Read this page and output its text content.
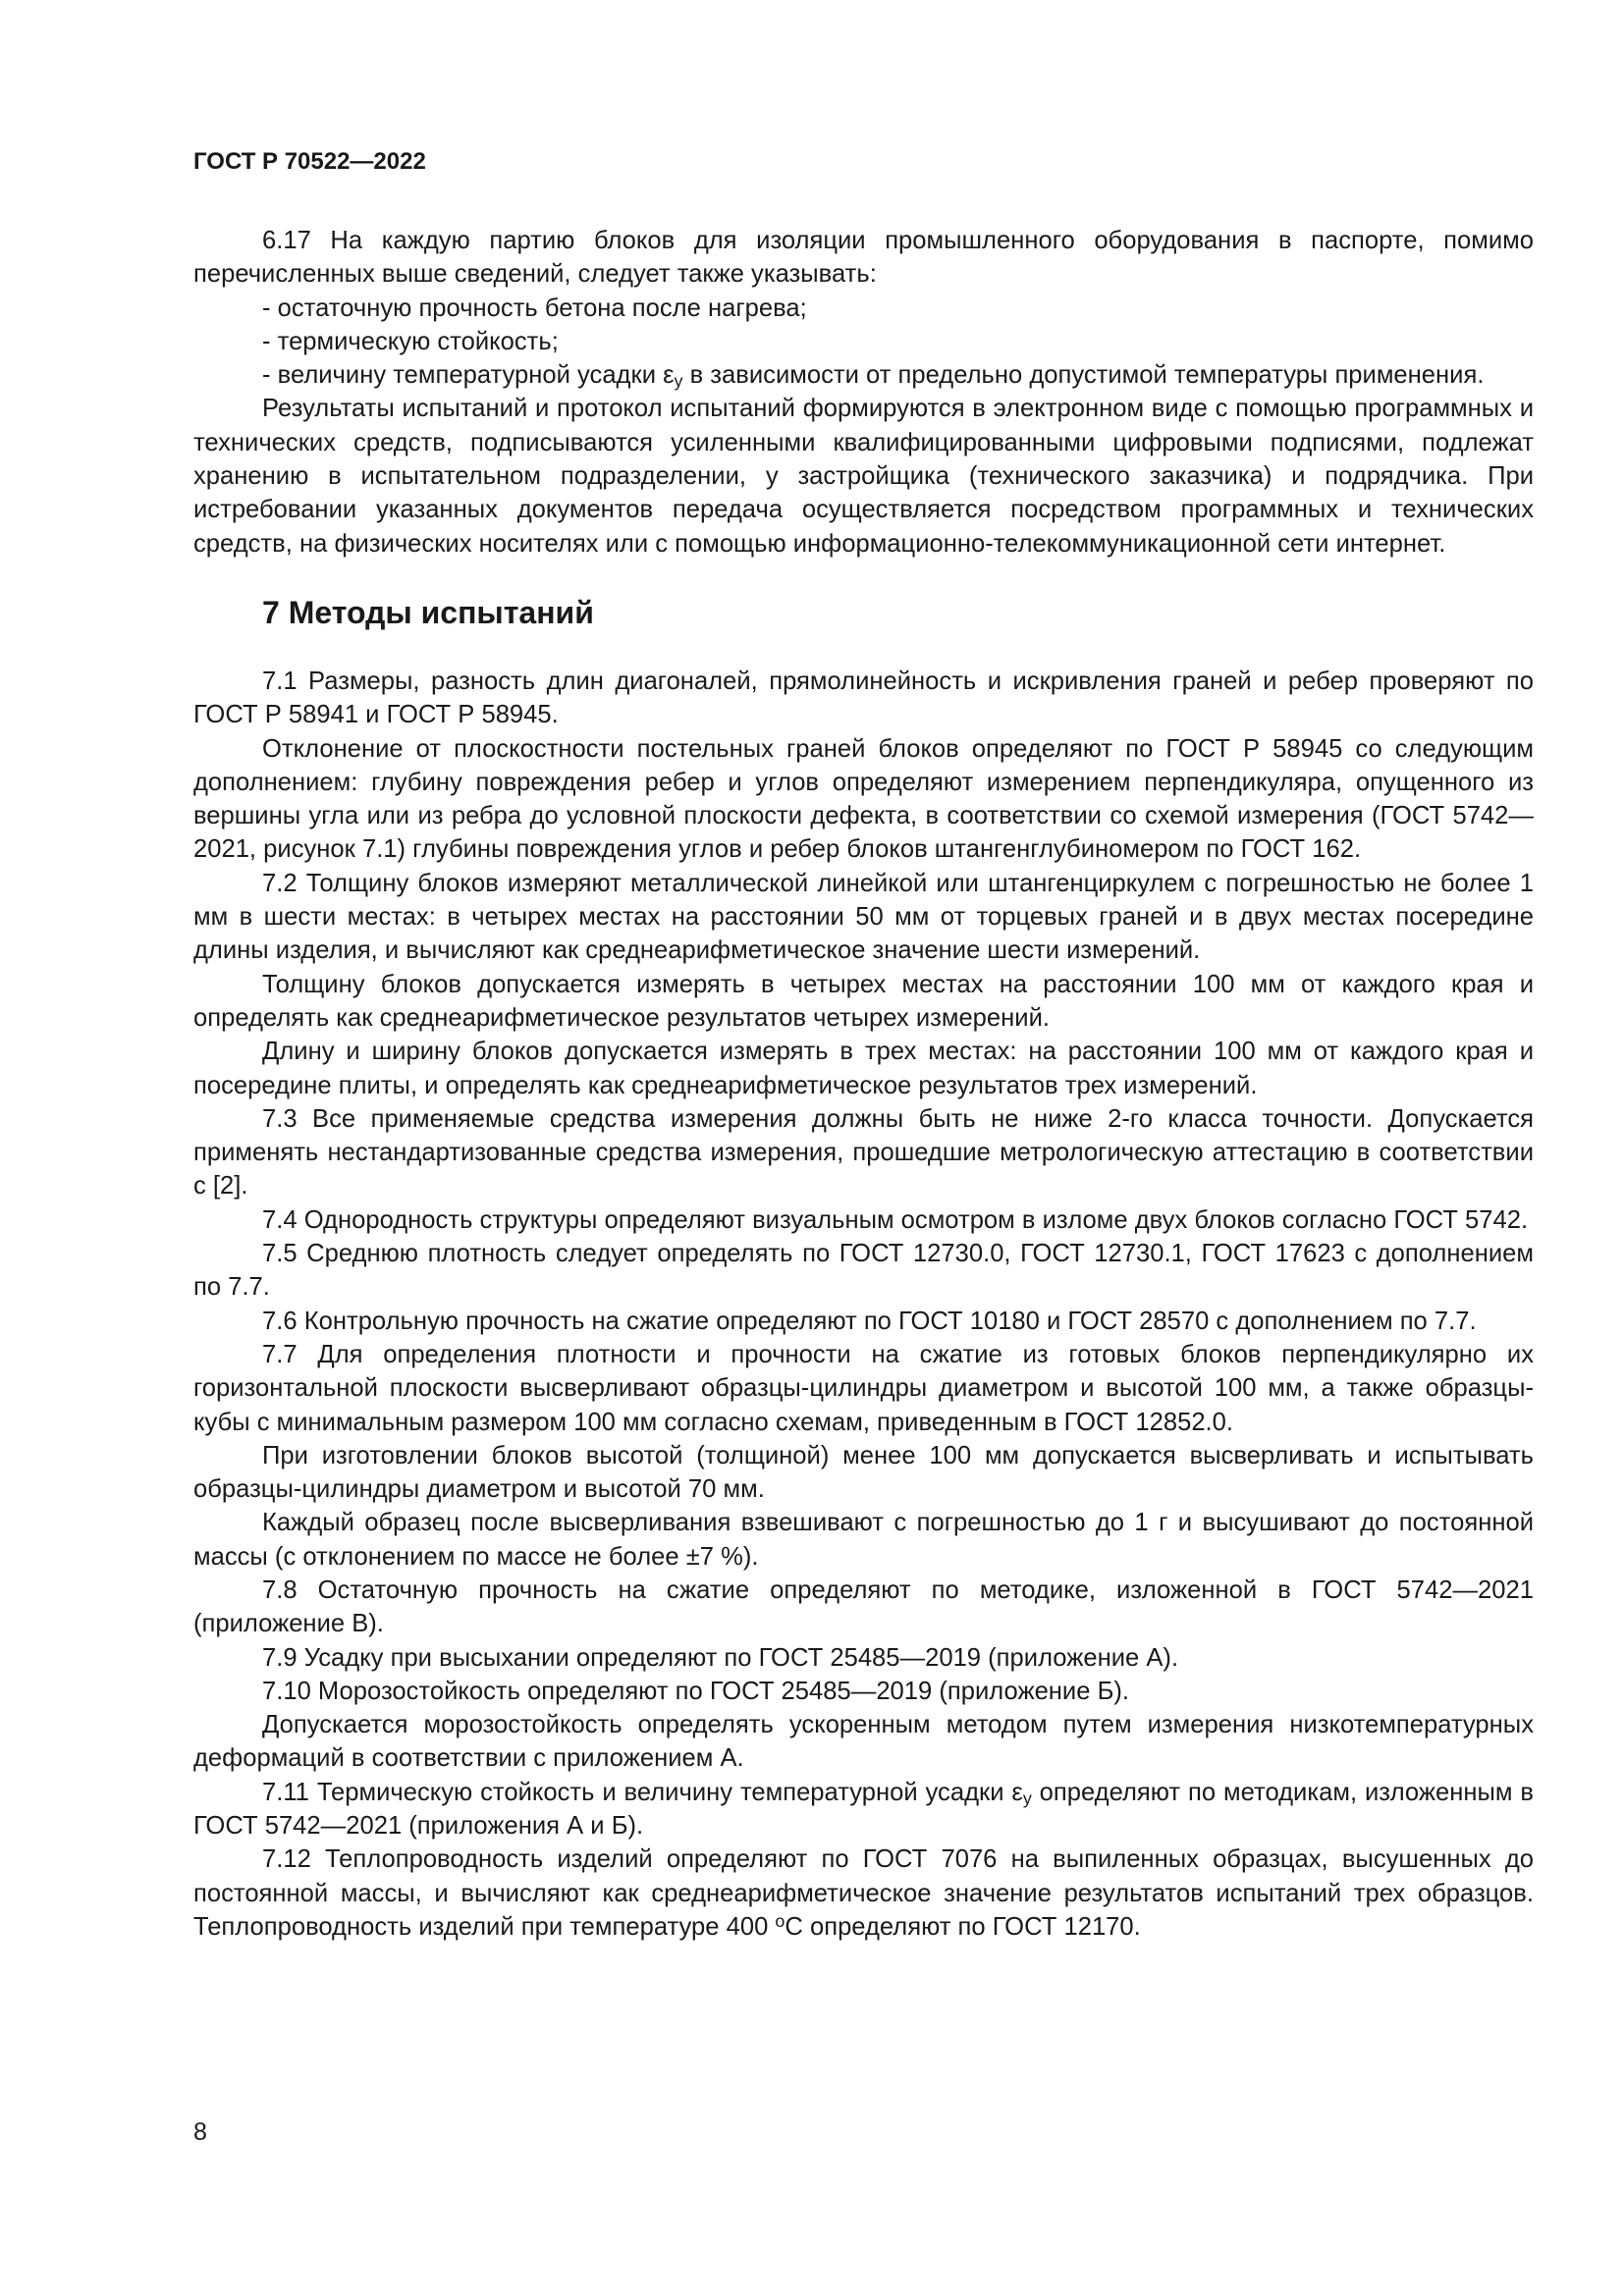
ГОСТ Р 70522—2022

6.17 На каждую партию блоков для изоляции промышленного оборудования в паспорте, помимо перечисленных выше сведений, следует также указывать:

- остаточную прочность бетона после нагрева;

- термическую стойкость;

- величину температурной усадки $\varepsilon_y$ в зависимости от предельно допустимой температуры применения.

Результаты испытаний и протокол испытаний формируются в электронном виде с помощью программных и технических средств, подписываются усиленными квалифицированными цифровыми подписями, подлежат хранению в испытательном подразделении, у застройщика (технического заказчика) и подрядчика. При истребовании указанных документов передача осуществляется посредством программных и технических средств, на физических носителях или с помощью информационно-телекоммуникационной сети интернет.

7 Методы испытаний

7.1 Размеры, разность длин диагоналей, прямолинейность и искривления граней и ребер проверяют по ГОСТ Р 58941 и ГОСТ Р 58945.

Отклонение от плоскостности постельных граней блоков определяют по ГОСТ Р 58945 со следующим дополнением: глубину повреждения ребер и углов определяют измерением перпендикуляра, опущенного из вершины угла или из ребра до условной плоскости дефекта, в соответствии со схемой измерения (ГОСТ 5742—2021, рисунок 7.1) глубины повреждения углов и ребер блоков штангенглубиномером по ГОСТ 162.

7.2 Толщину блоков измеряют металлической линейкой или штангенциркулем с погрешностью не более 1 мм в шести местах: в четырех местах на расстоянии 50 мм от торцевых граней и в двух местах посередине длины изделия, и вычисляют как среднеарифметическое значение шести измерений.

Толщину блоков допускается измерять в четырех местах на расстоянии 100 мм от каждого края и определять как среднеарифметическое результатов четырех измерений.

Длину и ширину блоков допускается измерять в трех местах: на расстоянии 100 мм от каждого края и посередине плиты, и определять как среднеарифметическое результатов трех измерений.

7.3 Все применяемые средства измерения должны быть не ниже 2-го класса точности. Допускается применять нестандартизованные средства измерения, прошедшие метрологическую аттестацию в соответствии с [2].

7.4 Однородность структуры определяют визуальным осмотром в изломе двух блоков согласно ГОСТ 5742.

7.5 Среднюю плотность следует определять по ГОСТ 12730.0, ГОСТ 12730.1, ГОСТ 17623 с дополнением по 7.7.

7.6 Контрольную прочность на сжатие определяют по ГОСТ 10180 и ГОСТ 28570 с дополнением по 7.7.

7.7 Для определения плотности и прочности на сжатие из готовых блоков перпендикулярно их горизонтальной плоскости высверливают образцы-цилиндры диаметром и высотой 100 мм, а также образцы-кубы с минимальным размером 100 мм согласно схемам, приведенным в ГОСТ 12852.0.

При изготовлении блоков высотой (толщиной) менее 100 мм допускается высверливать и испытывать образцы-цилиндры диаметром и высотой 70 мм.

Каждый образец после высверливания взвешивают с погрешностью до 1 г и высушивают до постоянной массы (с отклонением по массе не более ±7 %).

7.8 Остаточную прочность на сжатие определяют по методике, изложенной в ГОСТ 5742—2021 (приложение В).

7.9 Усадку при высыхании определяют по ГОСТ 25485—2019 (приложение А).

7.10 Морозостойкость определяют по ГОСТ 25485—2019 (приложение Б).

Допускается морозостойкость определять ускоренным методом путем измерения низкотемпературных деформаций в соответствии с приложением А.

7.11 Термическую стойкость и величину температурной усадки $\varepsilon_y$ определяют по методикам, изложенным в ГОСТ 5742—2021 (приложения А и Б).

7.12 Теплопроводность изделий определяют по ГОСТ 7076 на выпиленных образцах, высушенных до постоянной массы, и вычисляют как среднеарифметическое значение результатов испытаний трех образцов. Теплопроводность изделий при температуре 400 $^о$С определяют по ГОСТ 12170.

8
